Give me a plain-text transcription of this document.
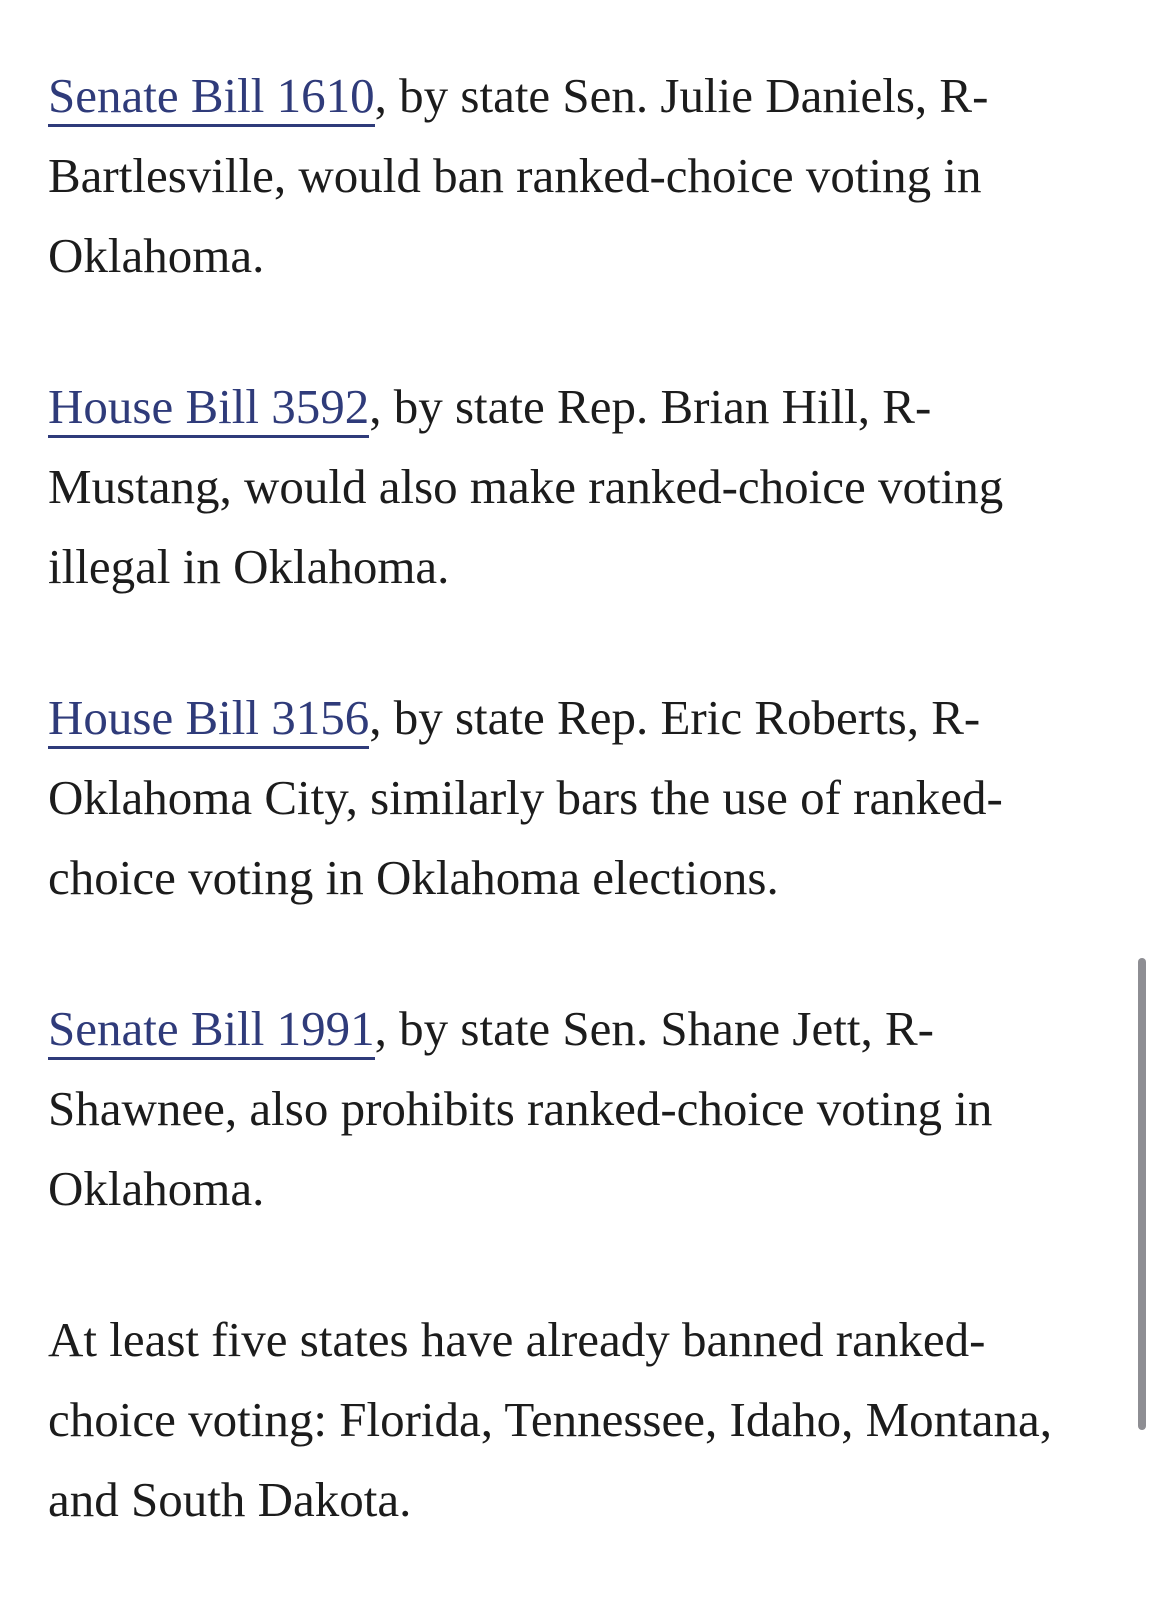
Senate Bill 1610, by state Sen. Julie Daniels, R-Bartlesville, would ban ranked-choice voting in Oklahoma.

House Bill 3592, by state Rep. Brian Hill, R-Mustang, would also make ranked-choice voting illegal in Oklahoma.

House Bill 3156, by state Rep. Eric Roberts, R-Oklahoma City, similarly bars the use of ranked-choice voting in Oklahoma elections.

Senate Bill 1991, by state Sen. Shane Jett, R-Shawnee, also prohibits ranked-choice voting in Oklahoma.

At least five states have already banned ranked-choice voting: Florida, Tennessee, Idaho, Montana, and South Dakota.
